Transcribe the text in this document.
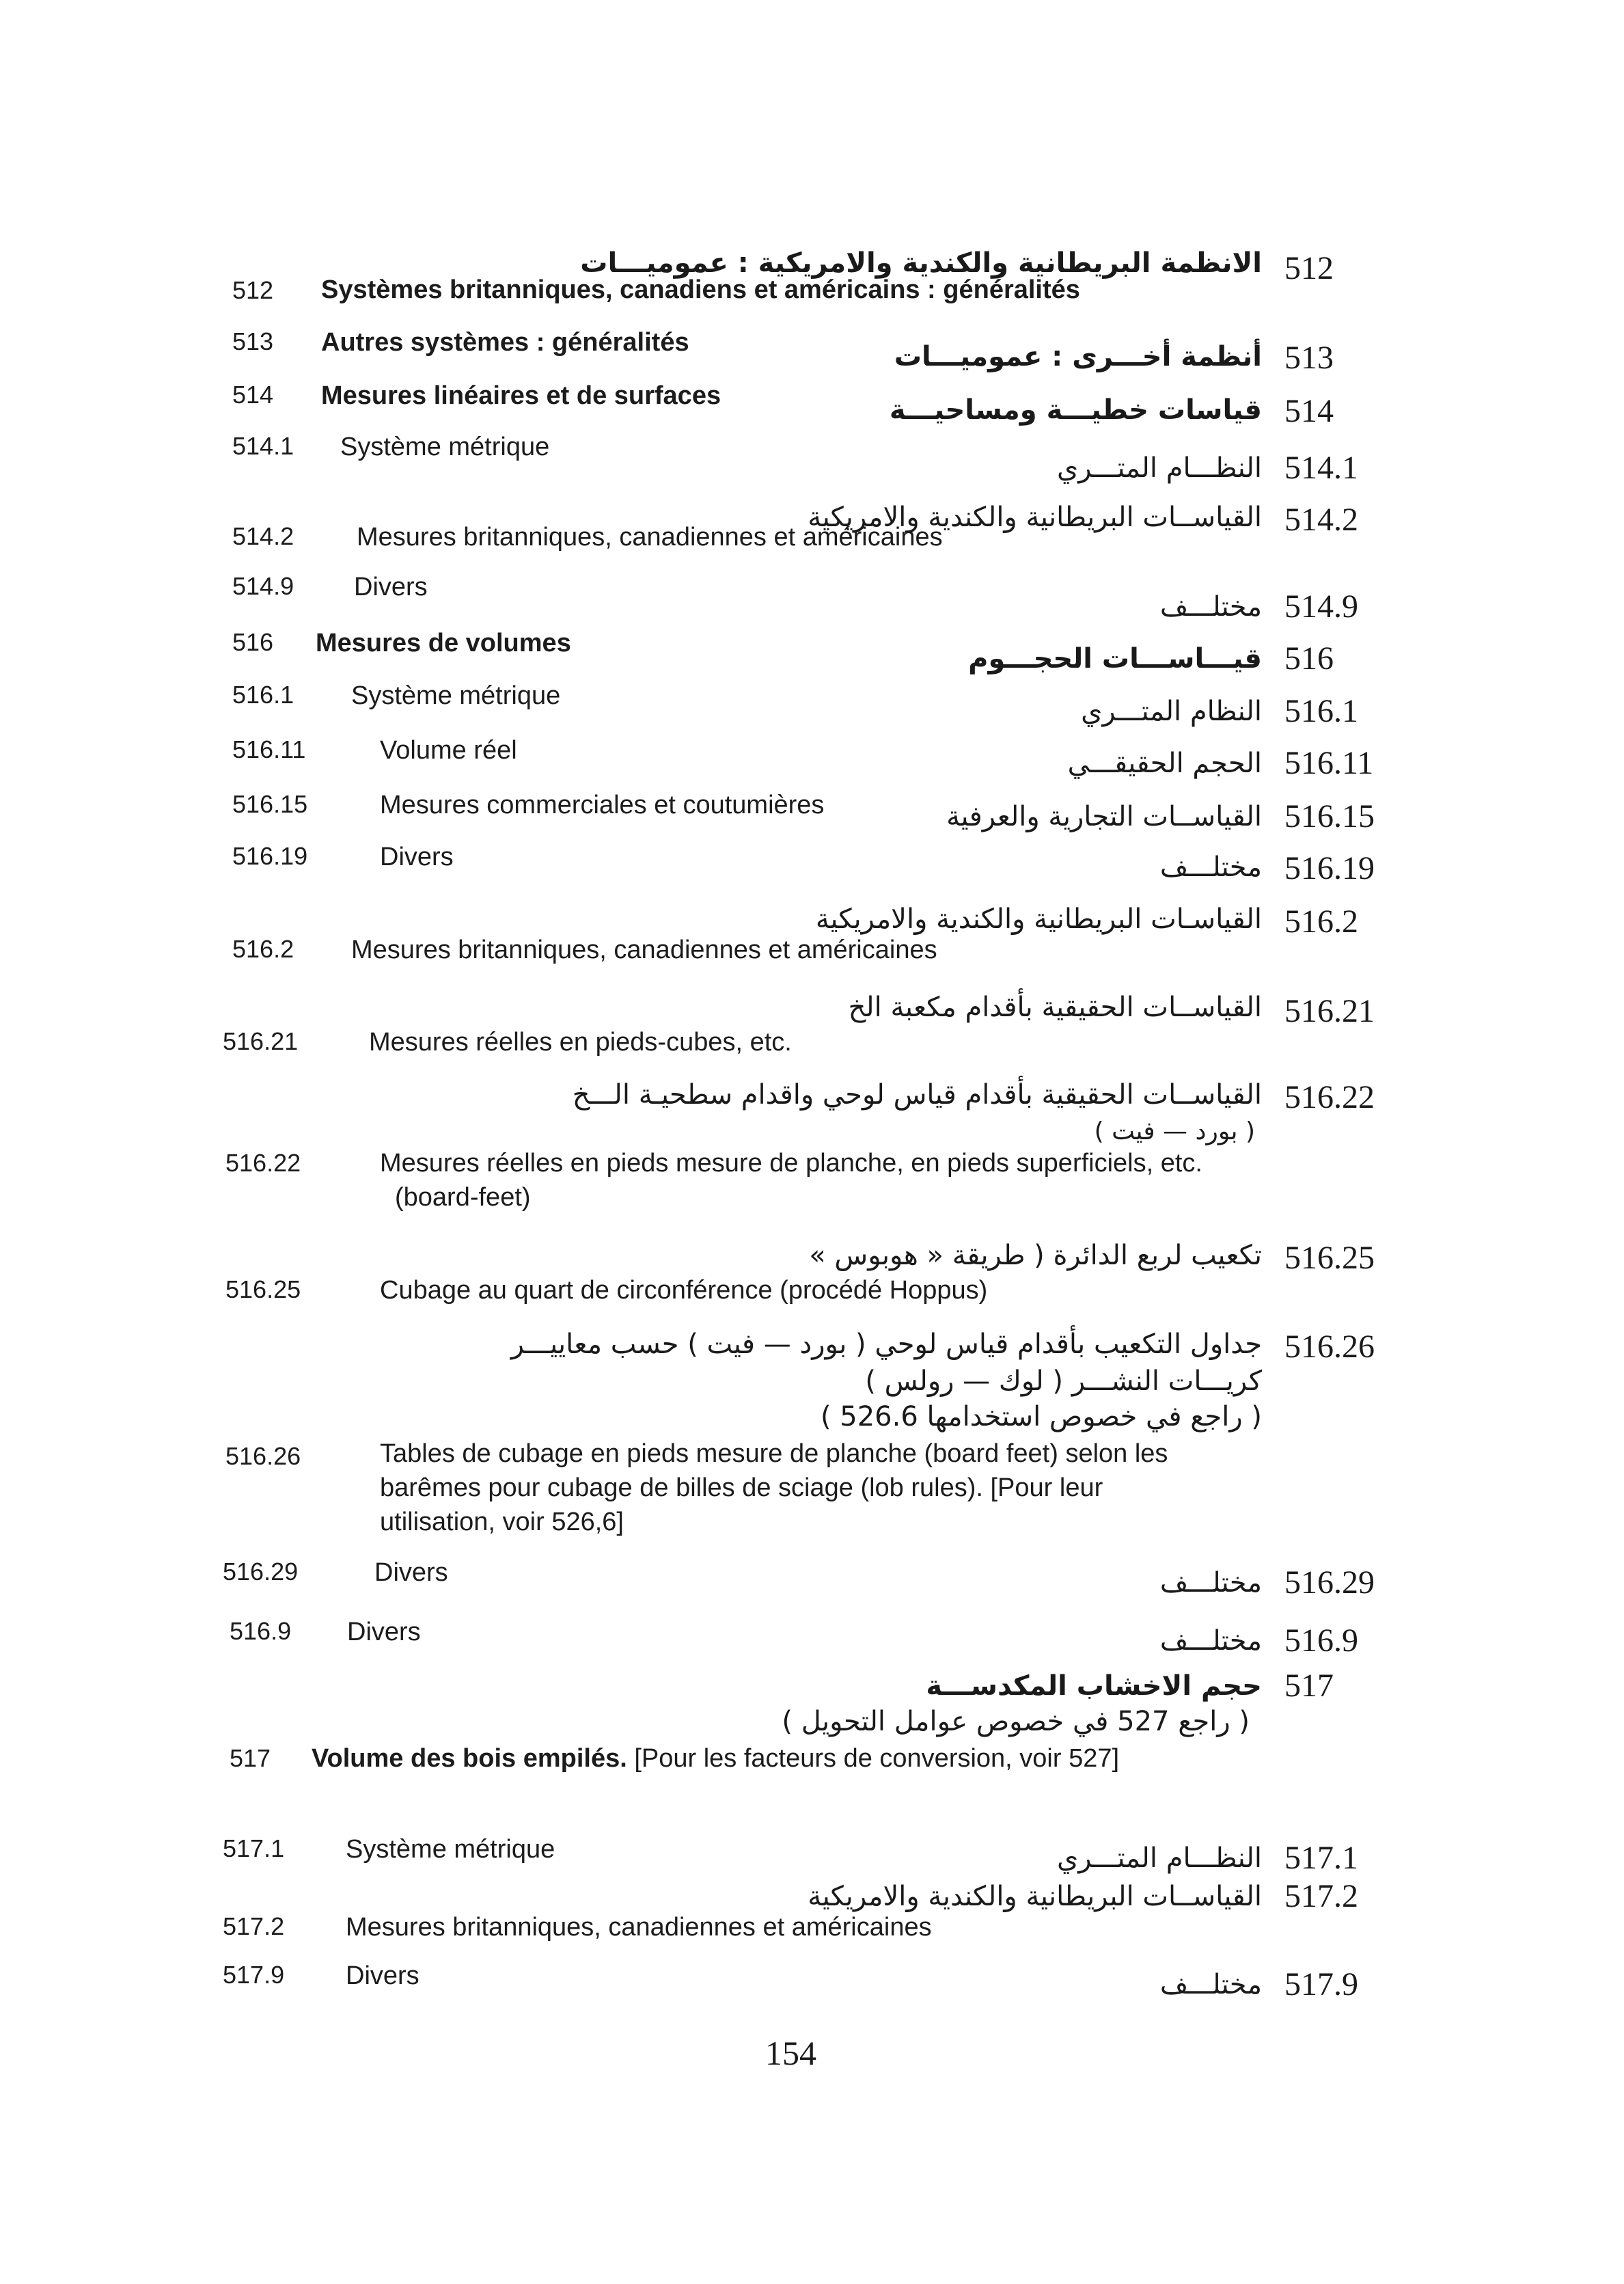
الانظمة البريطانية والكندية والامريكية : عموميـــات 512
512 Systèmes britanniques, canadiens et américains : généralités
513 Autres systèmes : généralités	أنظمة أخـــرى : عموميـــات 513
514 Mesures linéaires et de surfaces	قياسات خطيـــة ومساحيـــة 514
514.1 Système métrique
النظـــام المتـــري 514.1
القياســات البريطانية والكندية والامريكية 514.2
514.2 Mesures britanniques, canadiennes et américaines
514.9 Divers
مختلـــف 514.9
516 Mesures de volumes	قيـــاســـات الحجـــوم 516
516.1 Système métrique	النظام المتـــري 516.1
516.11	Volume réel	الحجم الحقيقـــي 516.11
516.15	Mesures commerciales et coutumières	القياســات التجارية والعرفية 516.15
516.19	Divers	مختلـــف 516.19
القياسـات البريطانية والكندية والامريكية 516.2
516.2 Mesures britanniques, canadiennes et américaines
القياســات الحقيقية بأقدام مكعبة الخ 516.21
516.21	Mesures réelles en pieds-cubes, etc.
القياســات الحقيقية بأقدام قياس لوحي واقدام سطحيـة الـــخ 516.22
( بورد — فيت )
516.22	Mesures réelles en pieds mesure de planche, en pieds superficiels, etc. (board-feet)
تكعيب لربع الدائرة ( طريقة « هوبوس » 516.25
516.25	Cubage au quart de circonférence (procédé Hoppus)
جداول التكعيب بأقدام قياس لوحي ( بورد — فيت ) حسب معاييـــر 516.26
كريـــات النشـــر ( لوك — رولس )
( راجع في خصوص استخدامها 526.6 )
516.26	Tables de cubage en pieds mesure de planche (board feet) selon les barêmes pour cubage de billes de sciage (lob rules). [Pour leur utilisation, voir 526,6]
516.29	Divers	مختلـــف 516.29
516.9 Divers	مختلـــف 516.9
حجم الاخشاب المكدســـة 517
( راجع 527 في خصوص عوامل التحويل )
517 Volume des bois empilés. [Pour les facteurs de conversion, voir 527]
517.1 Système métrique	النظـــام المتـــري 517.1
القياســات البريطانية والكندية والامريكية 517.2
517.2 Mesures britanniques, canadiennes et américaines
517.9 Divers	مختلـــف 517.9
154
